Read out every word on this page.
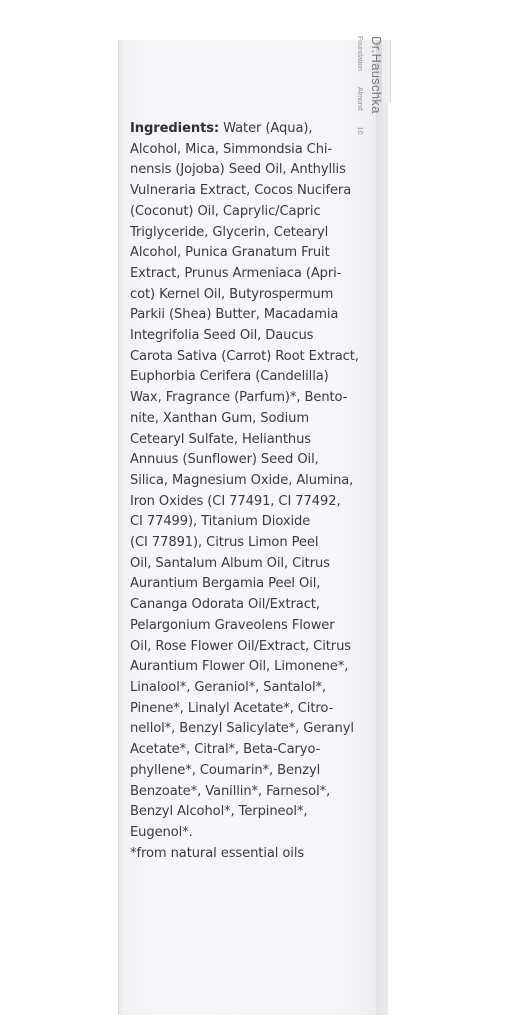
Dr.Hauschka
Foundation Almond 10
Ingredients: Water (Aqua),
Alcohol, Mica, Simmondsia Chi-
nensis (Jojoba) Seed Oil, Anthyllis
Vulneraria Extract, Cocos Nucifera
(Coconut) Oil, Caprylic/Capric
Triglyceride, Glycerin, Cetearyl
Alcohol, Punica Granatum Fruit
Extract, Prunus Armeniaca (Apri-
cot) Kernel Oil, Butyrospermum
Parkii (Shea) Butter, Macadamia
Integrifolia Seed Oil, Daucus
Carota Sativa (Carrot) Root Extract,
Euphorbia Cerifera (Candelilla)
Wax, Fragrance (Parfum)*, Bento-
nite, Xanthan Gum, Sodium
Cetearyl Sulfate, Helianthus
Annuus (Sunflower) Seed Oil,
Silica, Magnesium Oxide, Alumina,
Iron Oxides (CI 77491, CI 77492,
CI 77499), Titanium Dioxide
(CI 77891), Citrus Limon Peel
Oil, Santalum Album Oil, Citrus
Aurantium Bergamia Peel Oil,
Cananga Odorata Oil/Extract,
Pelargonium Graveolens Flower
Oil, Rose Flower Oil/Extract, Citrus
Aurantium Flower Oil, Limonene*,
Linalool*, Geraniol*, Santalol*,
Pinene*, Linalyl Acetate*, Citro-
nellol*, Benzyl Salicylate*, Geranyl
Acetate*, Citral*, Beta-Caryo-
phyllene*, Coumarin*, Benzyl
Benzoate*, Vanillin*, Farnesol*,
Benzyl Alcohol*, Terpineol*,
Eugenol*.
*from natural essential oils
